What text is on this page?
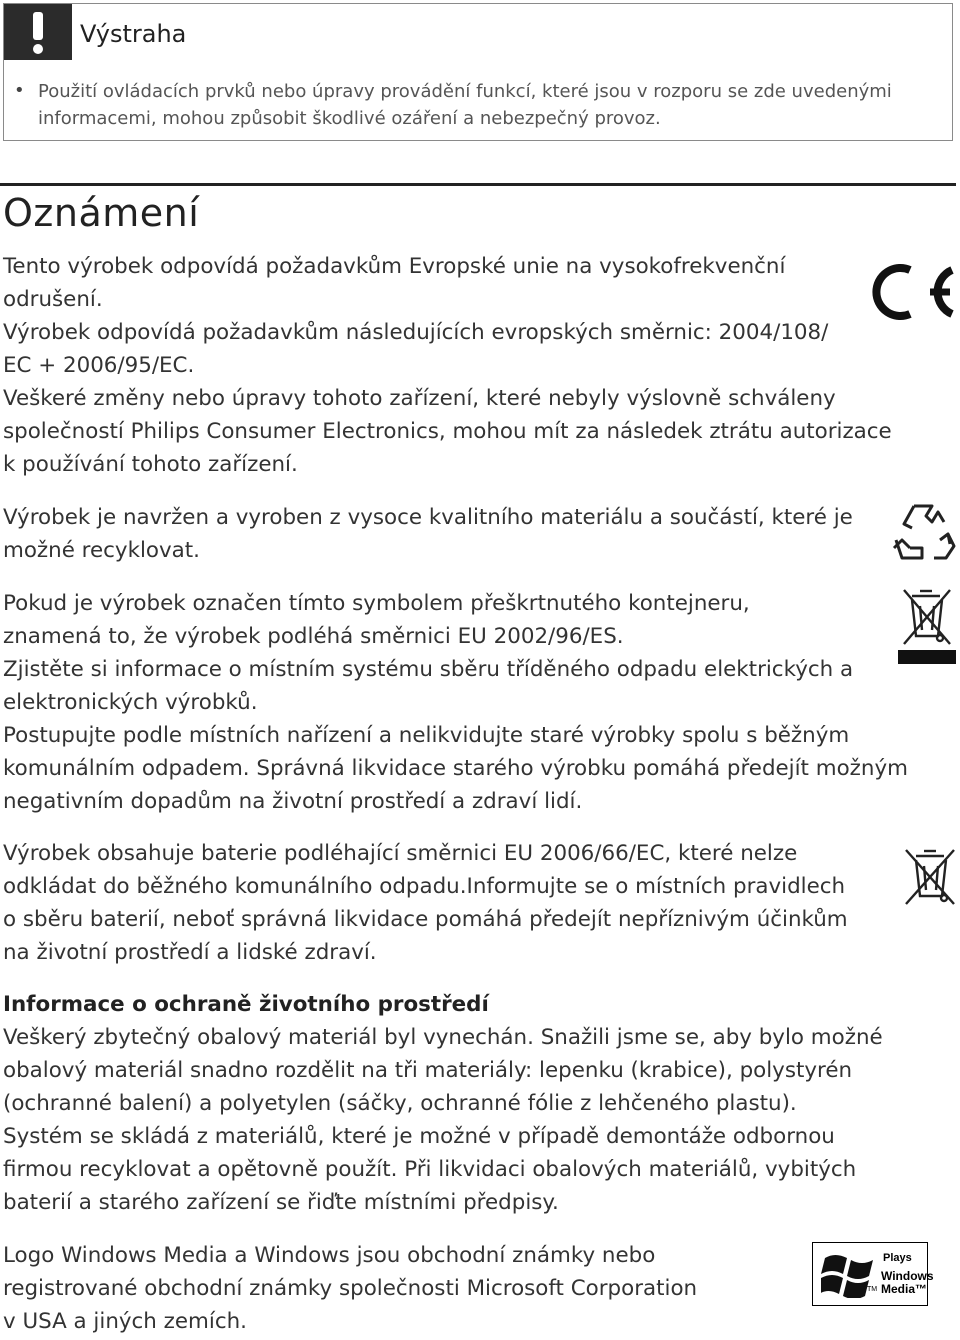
Výstraha
• Použití ovládacích prvků nebo úpravy provádění funkcí, které jsou v rozporu se zde uvedenými informacemi, mohou způsobit škodlivé ozáření a nebezpečný provoz.
Oznámení
Tento výrobek odpovídá požadavkům Evropské unie na vysokofrekvenční
odrušení.
Výrobek odpovídá požadavkům následujících evropských směrnic: 2004/108/
EC + 2006/95/EC.
Veškeré změny nebo úpravy tohoto zařízení, které nebyly výslovně schváleny
společností Philips Consumer Electronics, mohou mít za následek ztrátu autorizace
k používání tohoto zařízení.
Výrobek je navržen a vyroben z vysoce kvalitního materiálu a součástí, které je
možné recyklovat.
Pokud je výrobek označen tímto symbolem přeškrtnutého kontejneru,
znamená to, že výrobek podléhá směrnici EU 2002/96/ES.
Zjistěte si informace o místním systému sběru tříděného odpadu elektrických a
elektronických výrobků.
Postupujte podle místních nařízení a nelikvidujte staré výrobky spolu s běžným
komunálním odpadem. Správná likvidace starého výrobku pomáhá předejít možným
negativním dopadům na životní prostředí a zdraví lidí.
Výrobek obsahuje baterie podléhající směrnici EU 2006/66/EC, které nelze
odkládat do běžného komunálního odpadu.Informujte se o místních pravidlech
o sběru baterií, neboť správná likvidace pomáhá předejít nepříznivým účinkům
na životní prostředí a lidské zdraví.
Informace o ochraně životního prostředí
Veškerý zbytečný obalový materiál byl vynechán. Snažili jsme se, aby bylo možné
obalový materiál snadno rozdělit na tři materiály: lepenku (krabice), polystyrén
(ochranné balení) a polyetylen (sáčky, ochranné fólie z lehčeného plastu).
Systém se skládá z materiálů, které je možné v případě demontáže odbornou
firmou recyklovat a opětovně použít. Při likvidaci obalových materiálů, vybitých
baterií a starého zařízení se řiďte místními předpisy.
Logo Windows Media a Windows jsou obchodní známky nebo
registrované obchodní známky společnosti Microsoft Corporation
v USA a jiných zemích.
Plays
Windows
Media™
TM
